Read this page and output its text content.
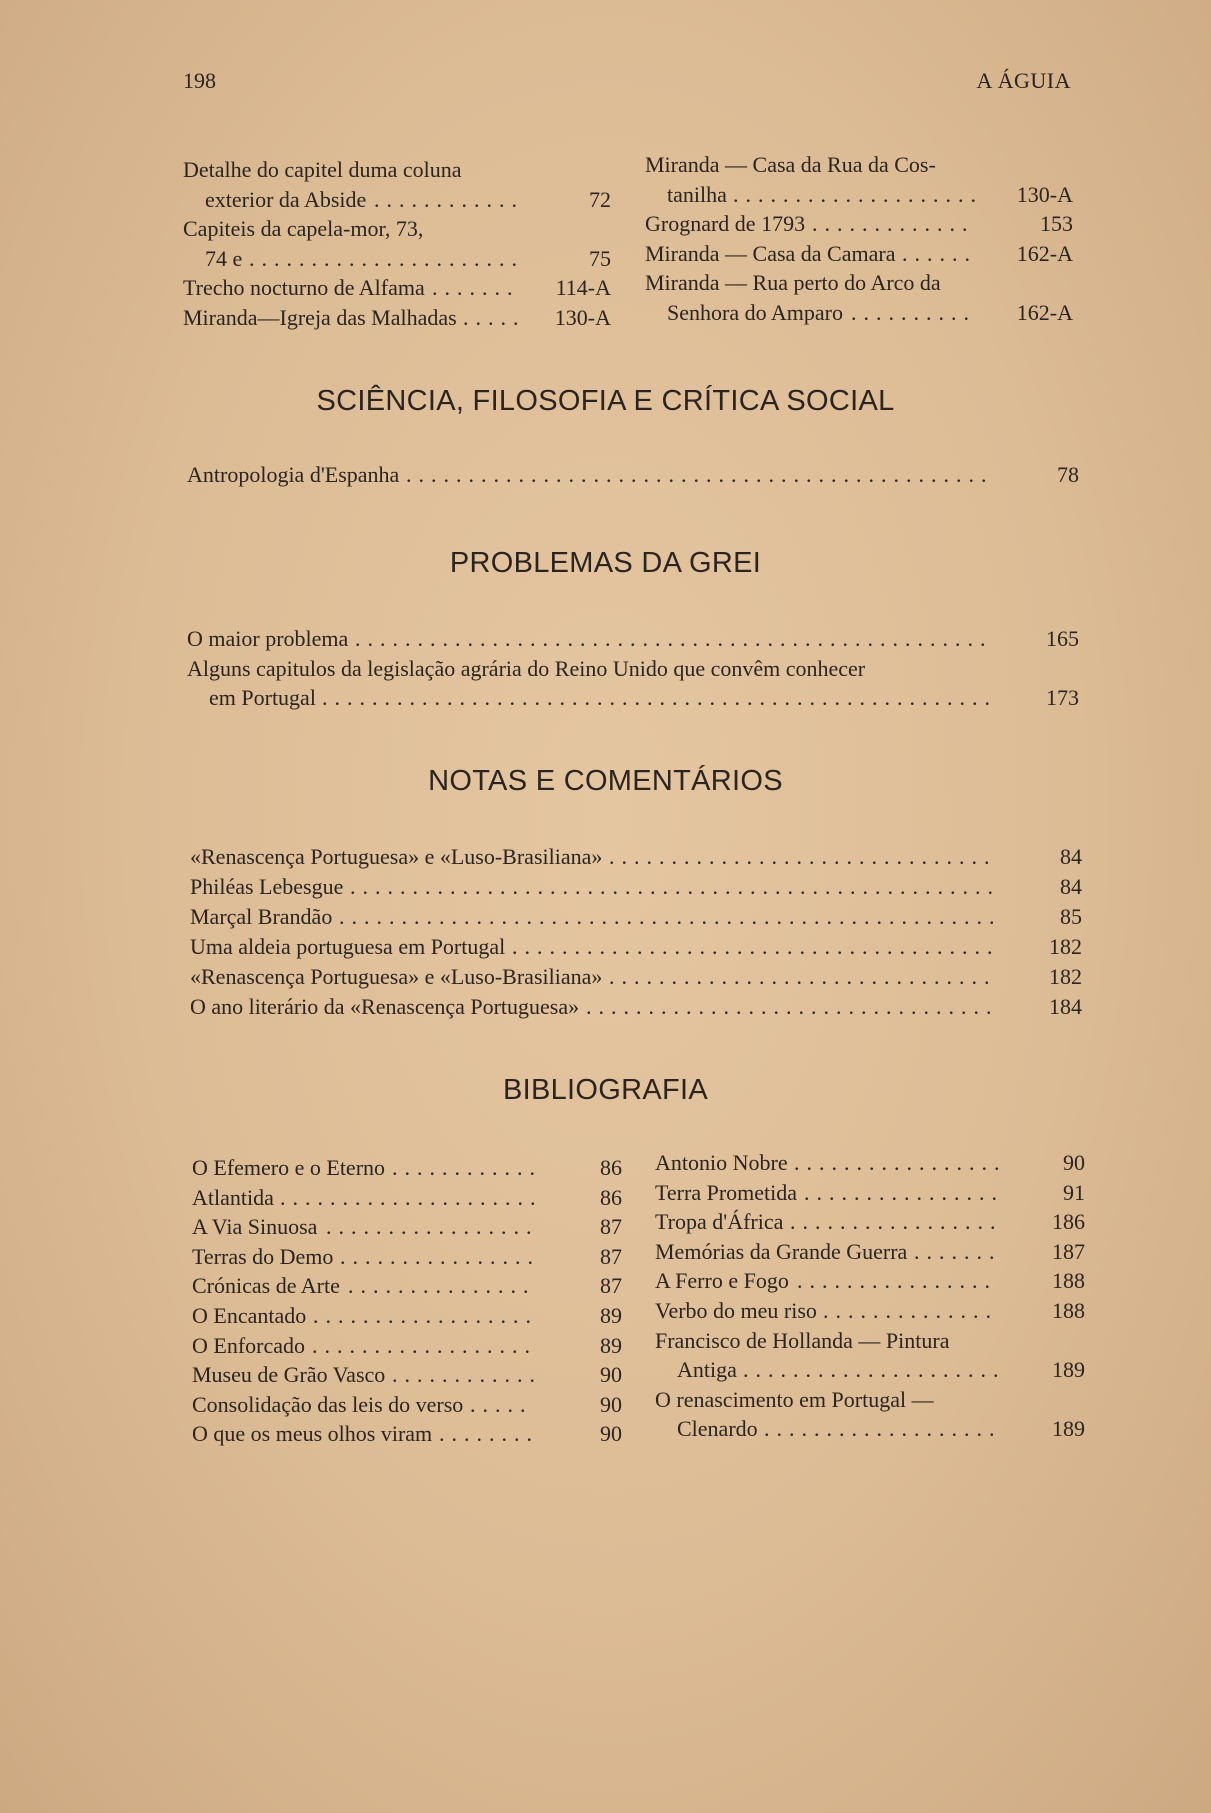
198	A ÁGUIA
Detalhe do capitel duma coluna
exterior da Abside ............	72
Capiteis da capela-mor, 73,
74 e ......................	75
Trecho nocturno de Alfama .......	114-A
Miranda—Igreja das Malhadas .....	130-A
Miranda — Casa da Rua da Cos-
tanilha ....................	130-A
Grognard de 1793 .............	153
Miranda — Casa da Camara ......	162-A
Miranda — Rua perto do Arco da
Senhora do Amparo ..........	162-A
SCIÊNCIA, FILOSOFIA E CRÍTICA SOCIAL
Antropologia d'Espanha ...............................................	78
PROBLEMAS DA GREI
O maior problema ...................................................	165
Alguns capitulos da legislação agrária do Reino Unido que convêm conhecer
em Portugal ......................................................	173
NOTAS E COMENTÁRIOS
«Renascença Portuguesa» e «Luso-Brasiliana» ...............................	84
Philéas Lebesgue ....................................................	84
Marçal Brandão .....................................................	85
Uma aldeia portuguesa em Portugal .......................................	182
«Renascença Portuguesa» e «Luso-Brasiliana» ...............................	182
O ano literário da «Renascença Portuguesa» .................................	184
BIBLIOGRAFIA
O Efemero e o Eterno ............	86
Atlantida .....................	86
A Via Sinuosa .................	87
Terras do Demo ................	87
Crónicas de Arte ...............	87
O Encantado ..................	89
O Enforcado ..................	89
Museu de Grão Vasco ............	90
Consolidação das leis do verso .....	90
O que os meus olhos viram ........	90
Antonio Nobre .................	90
Terra Prometida ................	91
Tropa d'África .................	186
Memórias da Grande Guerra .......	187
A Ferro e Fogo ................	188
Verbo do meu riso ..............	188
Francisco de Hollanda — Pintura
Antiga .....................	189
O renascimento em Portugal —
Clenardo ...................	189
